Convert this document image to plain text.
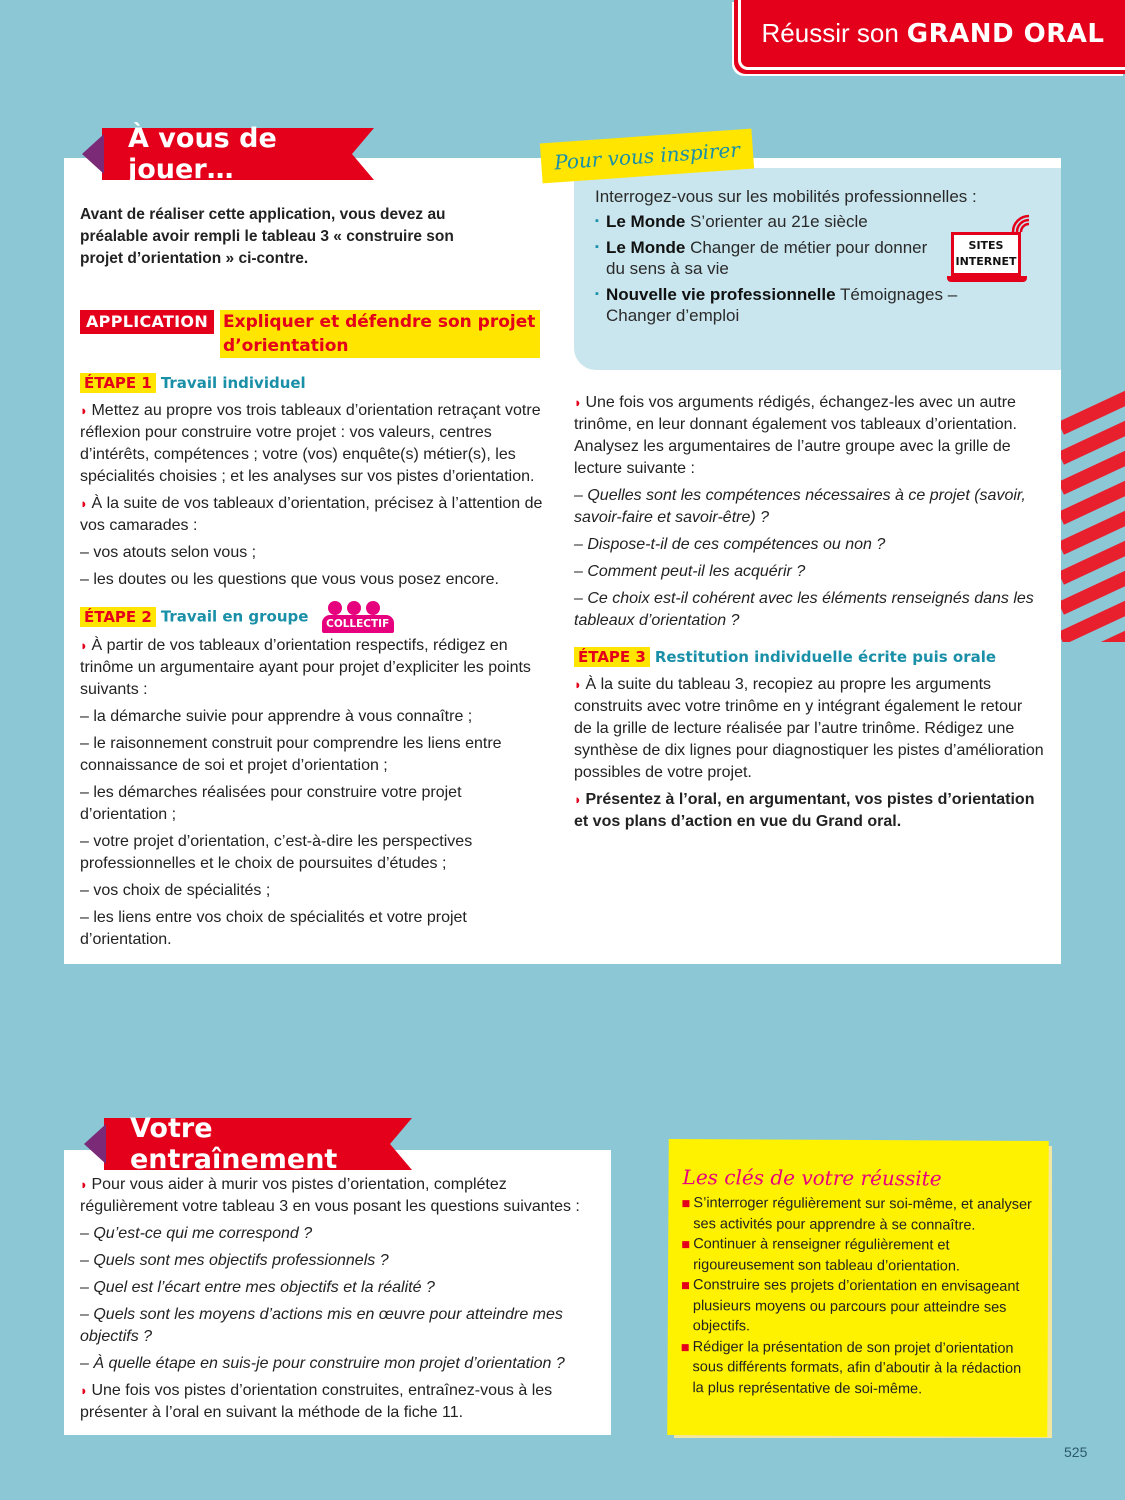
Réussir son GRAND ORAL
Pour vous inspirer
Interrogez-vous sur les mobilités professionnelles :
▪ Le Monde S’orienter au 21e siècle
▪ Le Monde Changer de métier pour donner du sens à sa vie
▪ Nouvelle vie professionnelle Témoignages – Changer d’emploi
SITES
INTERNET
À vous de jouer…
Avant de réaliser cette application, vous devez au préalable avoir rempli le tableau 3 « construire son projet d’orientation » ci-contre.
APPLICATION Expliquer et défendre son projet d’orientation
ÉTAPE 1 Travail individuel

◗ Mettez au propre vos trois tableaux d’orientation retraçant votre réflexion pour construire votre projet : vos valeurs, centres d’intérêts, compétences ; votre (vos) enquête(s) métier(s), les spécialités choisies ; et les analyses sur vos pistes d’orientation.

◗ À la suite de vos tableaux d’orientation, précisez à l’attention de vos camarades :

– vos atouts selon vous ;

– les doutes ou les questions que vous vous posez encore.

ÉTAPE 2 Travail en groupe	COLLECTIF

◗ À partir de vos tableaux d’orientation respectifs, rédigez en trinôme un argumentaire ayant pour projet d’expliciter les points suivants :

– la démarche suivie pour apprendre à vous connaître ;

– le raisonnement construit pour comprendre les liens entre connaissance de soi et projet d’orientation ;

– les démarches réalisées pour construire votre projet d’orientation ;

– votre projet d’orientation, c’est-à-dire les perspectives professionnelles et le choix de poursuites d’études ;

– vos choix de spécialités ;

– les liens entre vos choix de spécialités et votre projet d’orientation.

◗ Une fois vos arguments rédigés, échangez-les avec un autre trinôme, en leur donnant également vos tableaux d’orientation. Analysez les argumentaires de l’autre groupe avec la grille de lecture suivante :

– Quelles sont les compétences nécessaires à ce projet (savoir, savoir-faire et savoir-être) ?

– Dispose-t-il de ces compétences ou non ?

– Comment peut-il les acquérir ?

– Ce choix est-il cohérent avec les éléments renseignés dans les tableaux d’orientation ?

ÉTAPE 3 Restitution individuelle écrite puis orale

◗ À la suite du tableau 3, recopiez au propre les arguments construits avec votre trinôme en y intégrant également le retour de la grille de lecture réalisée par l’autre trinôme. Rédigez une synthèse de dix lignes pour diagnostiquer les pistes d’amélioration possibles de votre projet.

◗ Présentez à l’oral, en argumentant, vos pistes d’orientation et vos plans d’action en vue du Grand oral.

Votre entraînement

◗ Pour vous aider à murir vos pistes d’orientation, complétez régulièrement votre tableau 3 en vous posant les questions suivantes :

– Qu’est-ce qui me correspond ?

– Quels sont mes objectifs professionnels ?

– Quel est l’écart entre mes objectifs et la réalité ?

– Quels sont les moyens d’actions mis en œuvre pour atteindre mes objectifs ?

– À quelle étape en suis-je pour construire mon projet d’orientation ?

◗ Une fois vos pistes d’orientation construites, entraînez-vous à les présenter à l’oral en suivant la méthode de la fiche 11.

Les clés de votre réussite
S’interroger régulièrement sur soi-même, et analyser ses activités pour apprendre à se connaître.
Continuer à renseigner régulièrement et rigoureusement son tableau d’orientation.
Construire ses projets d’orientation en envisageant plusieurs moyens ou parcours pour atteindre ses objectifs.
Rédiger la présentation de son projet d’orientation sous différents formats, afin d’aboutir à la rédaction la plus représentative de soi-même.
525
